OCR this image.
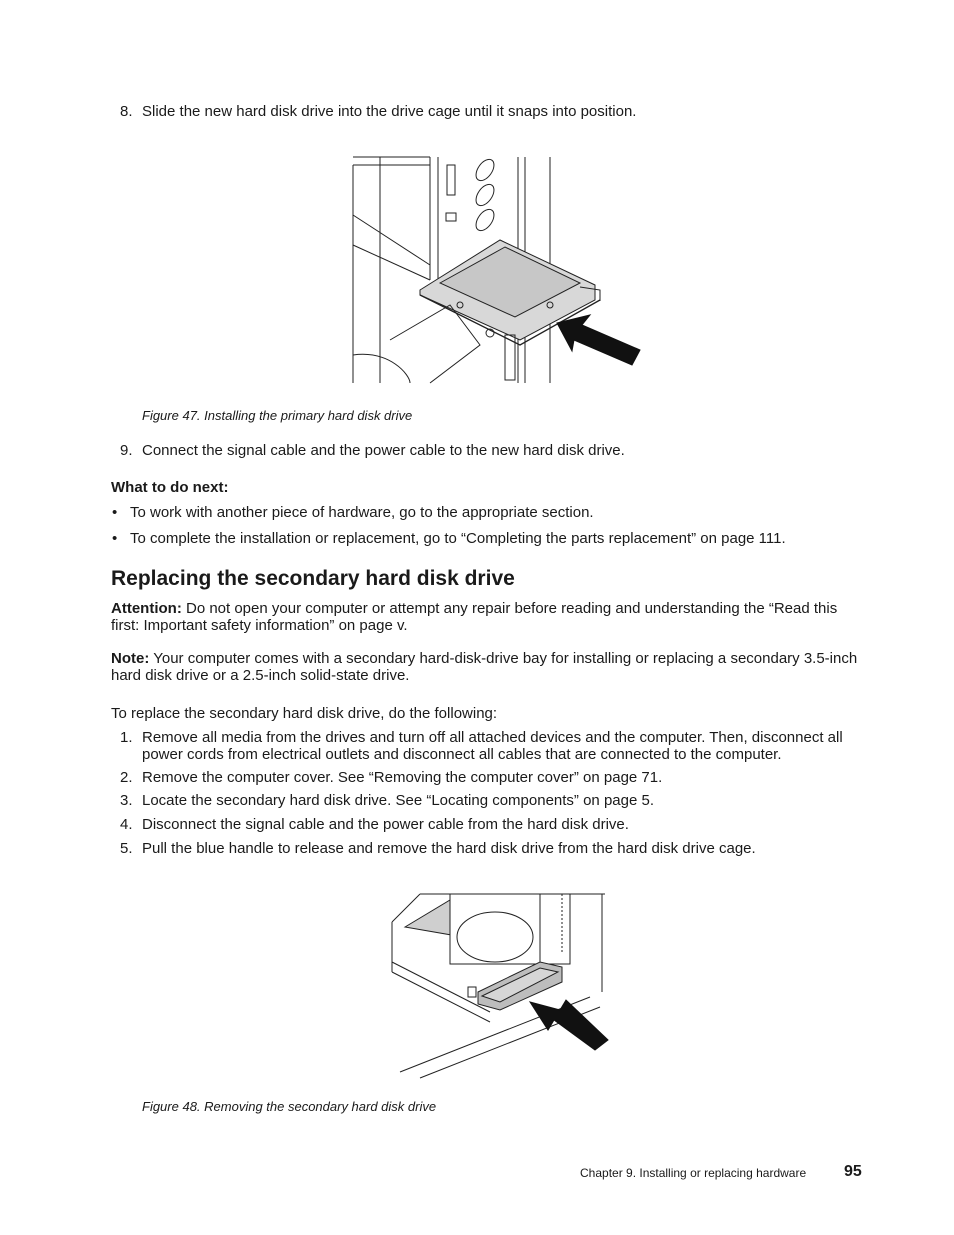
8. Slide the new hard disk drive into the drive cage until it snaps into position.
Figure 47. Installing the primary hard disk drive
9. Connect the signal cable and the power cable to the new hard disk drive.
What to do next:
• To work with another piece of hardware, go to the appropriate section.
• To complete the installation or replacement, go to “Completing the parts replacement” on page 111.
Replacing the secondary hard disk drive
Attention: Do not open your computer or attempt any repair before reading and understanding the “Read this first: Important safety information” on page v.
Note: Your computer comes with a secondary hard-disk-drive bay for installing or replacing a secondary 3.5-inch hard disk drive or a 2.5-inch solid-state drive.
To replace the secondary hard disk drive, do the following:
1. Remove all media from the drives and turn off all attached devices and the computer. Then, disconnect all power cords from electrical outlets and disconnect all cables that are connected to the computer.
2. Remove the computer cover. See “Removing the computer cover” on page 71.
3. Locate the secondary hard disk drive. See “Locating components” on page 5.
4. Disconnect the signal cable and the power cable from the hard disk drive.
5. Pull the blue handle to release and remove the hard disk drive from the hard disk drive cage.
Figure 48. Removing the secondary hard disk drive
Chapter 9. Installing or replacing hardware 95
